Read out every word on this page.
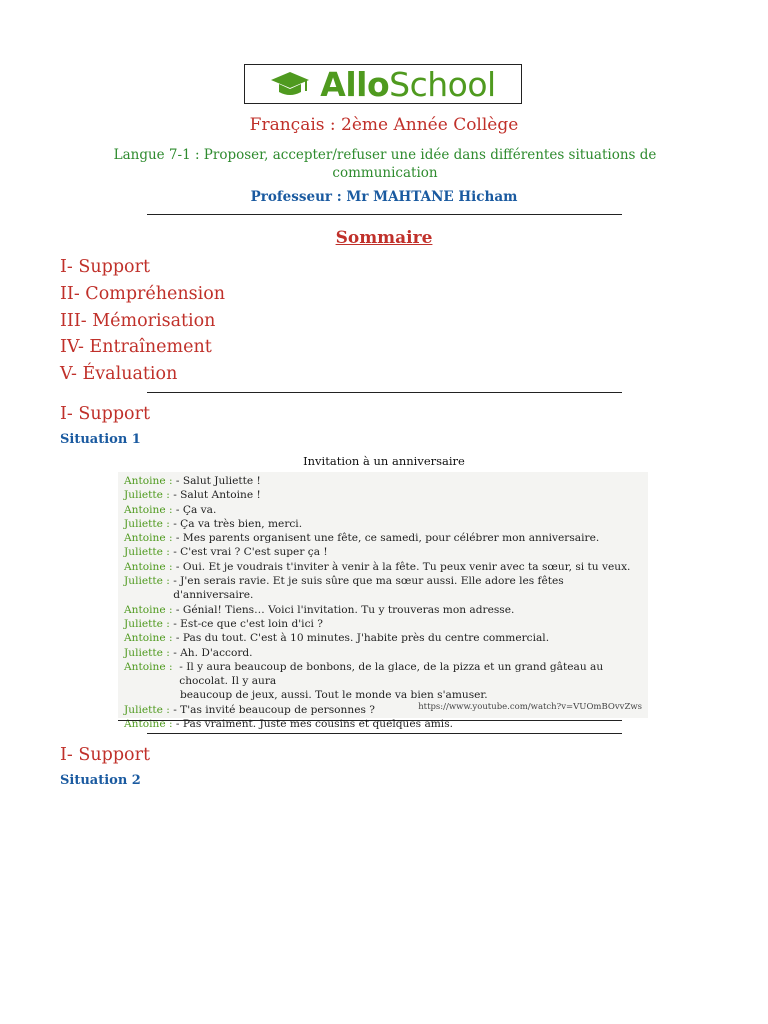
AlloSchool
Français : 2ème Année Collège
Langue 7-1 : Proposer, accepter/refuser une idée dans différentes situations de communication
Professeur : Mr MAHTANE Hicham
Sommaire
I- Support
II- Compréhension
III- Mémorisation
IV- Entraînement
V- Évaluation
I- Support
Situation 1
Invitation à un anniversaire
Antoine : - Salut Juliette !
Juliette : - Salut Antoine !
Antoine : - Ça va.
Juliette : - Ça va très bien, merci.
Antoine : - Mes parents organisent une fête, ce samedi, pour célébrer mon anniversaire.
Juliette : - C'est vrai ? C'est super ça !
Antoine : - Oui. Et je voudrais t'inviter à venir à la fête. Tu peux venir avec ta sœur, si tu veux.
Juliette : - J'en serais ravie. Et je suis sûre que ma sœur aussi. Elle adore les fêtes d'anniversaire.
Antoine : - Génial! Tiens… Voici l'invitation. Tu y trouveras mon adresse.
Juliette : - Est-ce que c'est loin d'ici ?
Antoine : - Pas du tout. C'est à 10 minutes. J'habite près du centre commercial.
Juliette : - Ah. D'accord.
Antoine : - Il y aura beaucoup de bonbons, de la glace, de la pizza et un grand gâteau au chocolat. Il y aura
beaucoup de jeux, aussi. Tout le monde va bien s'amuser.
Juliette : - T'as invité beaucoup de personnes ?
Antoine : - Pas vraiment. Juste mes cousins et quelques amis.
https://www.youtube.com/watch?v=VUOmBOvvZws
I- Support
Situation 2
